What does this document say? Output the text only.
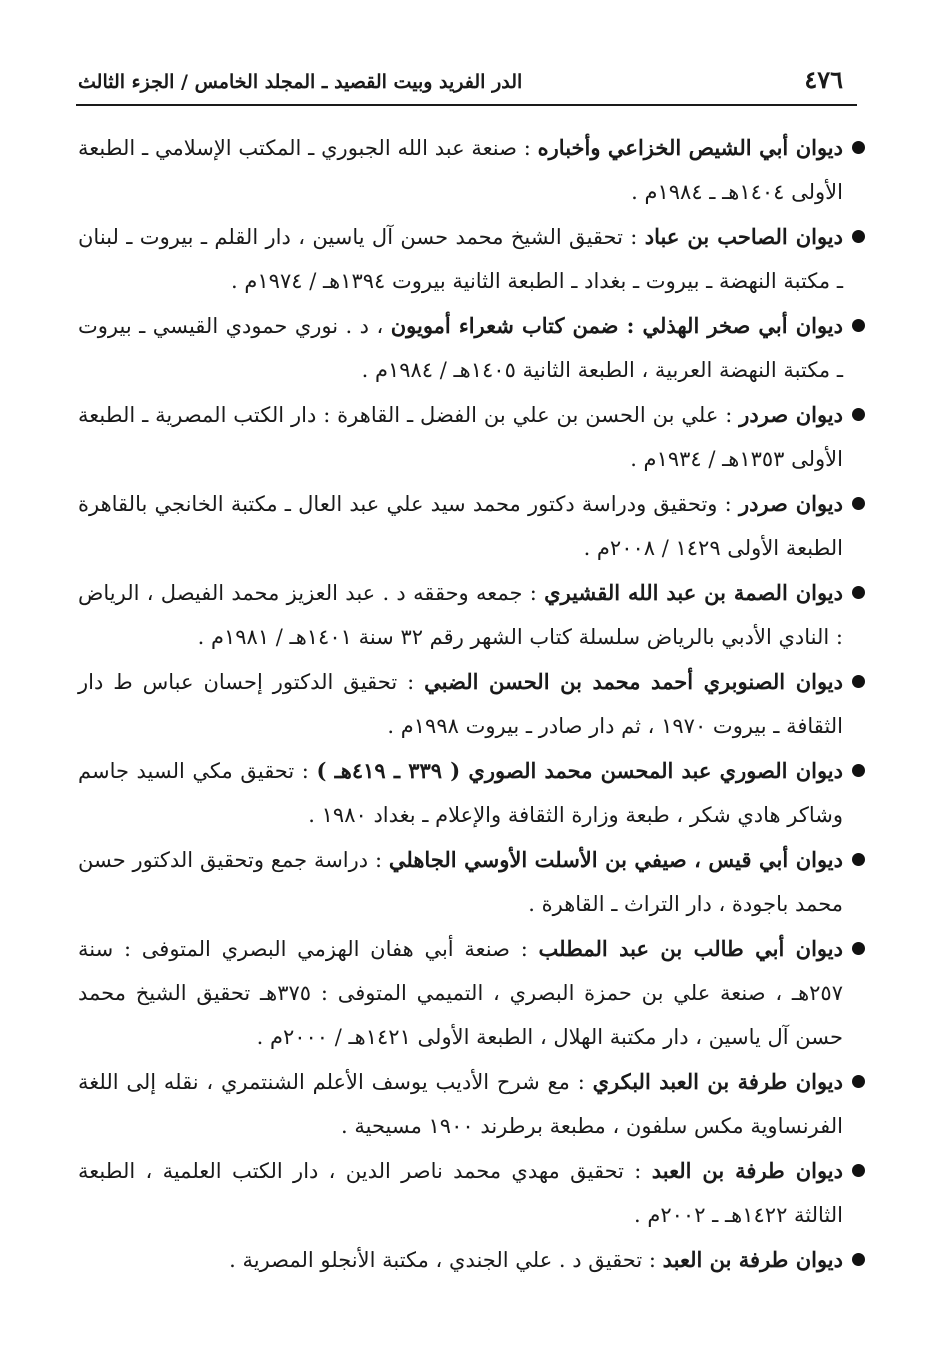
٤٧٦
الدر الفريد وبيت القصيد ـ المجلد الخامس / الجزء الثالث
ديوان أبي الشيص الخزاعي وأخباره : صنعة عبد الله الجبوري ـ المكتب الإسلامي ـ الطبعة الأولى ١٤٠٤هـ ـ ١٩٨٤م .
ديوان الصاحب بن عباد : تحقيق الشيخ محمد حسن آل ياسين ، دار القلم ـ بيروت ـ لبنان ـ مكتبة النهضة ـ بيروت ـ بغداد ـ الطبعة الثانية بيروت ١٣٩٤هـ / ١٩٧٤م .
ديوان أبي صخر الهذلي : ضمن كتاب شعراء أمويون ، د . نوري حمودي القيسي ـ بيروت ـ مكتبة النهضة العربية ، الطبعة الثانية ١٤٠٥هـ / ١٩٨٤م .
ديوان صردر : علي بن الحسن بن علي بن الفضل ـ القاهرة : دار الكتب المصرية ـ الطبعة الأولى ١٣٥٣هـ / ١٩٣٤م .
ديوان صردر : وتحقيق ودراسة دكتور محمد سيد علي عبد العال ـ مكتبة الخانجي بالقاهرة الطبعة الأولى ١٤٢٩ / ٢٠٠٨م .
ديوان الصمة بن عبد الله القشيري : جمعه وحققه د . عبد العزيز محمد الفيصل ، الرياض : النادي الأدبي بالرياض سلسلة كتاب الشهر رقم ٣٢ سنة ١٤٠١هـ / ١٩٨١م .
ديوان الصنوبري أحمد محمد بن الحسن الضبي : تحقيق الدكتور إحسان عباس ط دار الثقافة ـ بيروت ١٩٧٠ ، ثم دار صادر ـ بيروت ١٩٩٨م .
ديوان الصوري عبد المحسن محمد الصوري ( ٣٣٩ ـ ٤١٩هـ ) : تحقيق مكي السيد جاسم وشاكر هادي شكر ، طبعة وزارة الثقافة والإعلام ـ بغداد ١٩٨٠ .
ديوان أبي قيس ، صيفي بن الأسلت الأوسي الجاهلي : دراسة جمع وتحقيق الدكتور حسن محمد باجودة ، دار التراث ـ القاهرة .
ديوان أبي طالب بن عبد المطلب : صنعة أبي هفان الهزمي البصري المتوفى : سنة ٢٥٧هـ ، صنعة علي بن حمزة البصري ، التميمي المتوفى : ٣٧٥هـ تحقيق الشيخ محمد حسن آل ياسين ، دار مكتبة الهلال ، الطبعة الأولى ١٤٢١هـ / ٢٠٠٠م .
ديوان طرفة بن العبد البكري : مع شرح الأديب يوسف الأعلم الشنتمري ، نقله إلى اللغة الفرنساوية مكس سلفون ، مطبعة برطرند ١٩٠٠ مسيحية .
ديوان طرفة بن العبد : تحقيق مهدي محمد ناصر الدين ، دار الكتب العلمية ، الطبعة الثالثة ١٤٢٢هـ ـ ٢٠٠٢م .
ديوان طرفة بن العبد : تحقيق د . علي الجندي ، مكتبة الأنجلو المصرية .
